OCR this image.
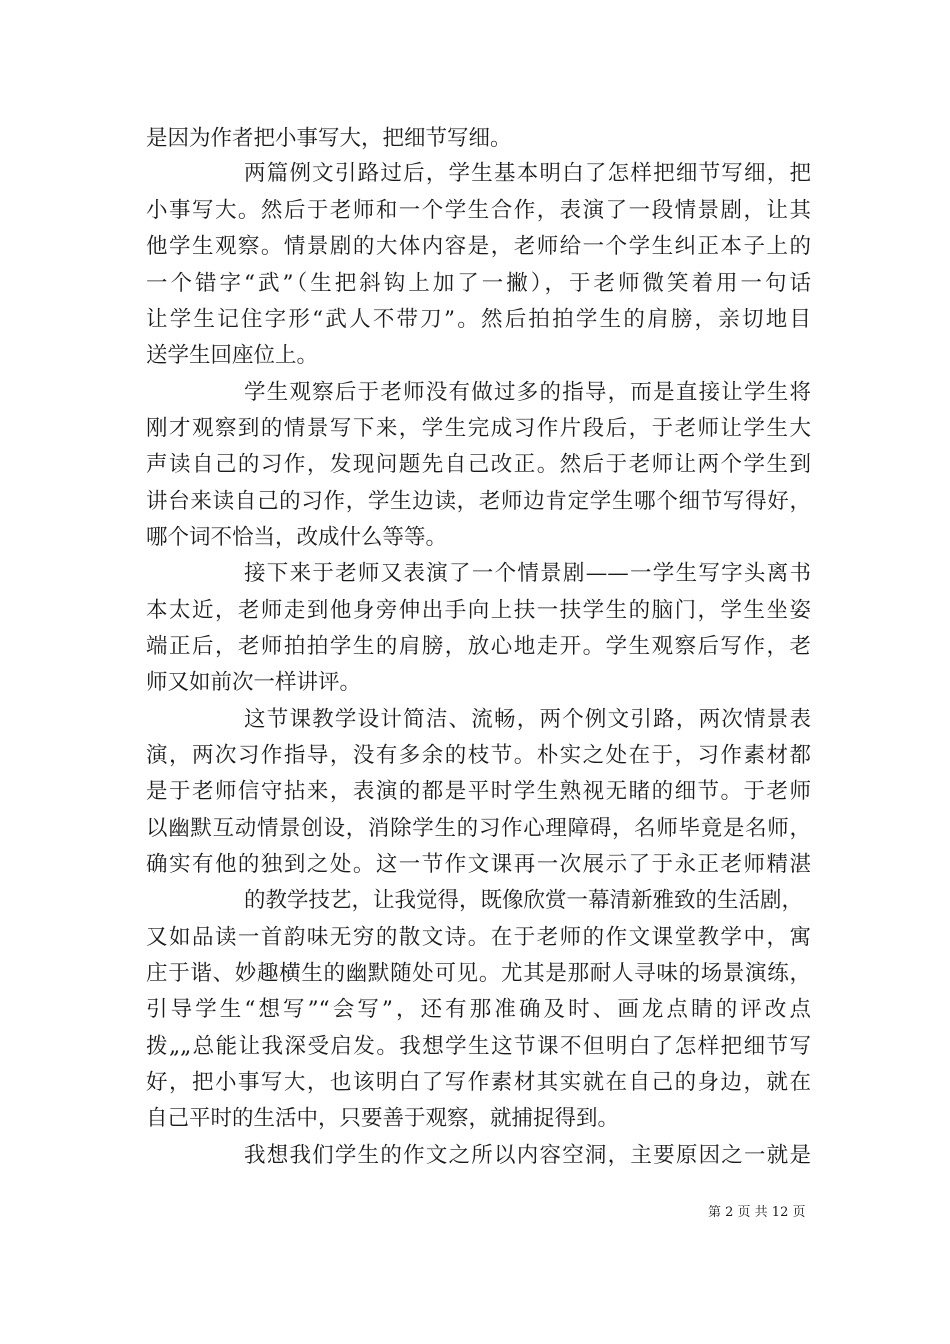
是因为作者把小事写大，把细节写细。
两篇例文引路过后，学生基本明白了怎样把细节写细，把
小事写大。然后于老师和一个学生合作，表演了一段情景剧，让其
他学生观察。情景剧的大体内容是，老师给一个学生纠正本子上的
一个错字“武”（生把斜钩上加了一撇），于老师微笑着用一句话
让学生记住字形“武人不带刀”。然后拍拍学生的肩膀，亲切地目
送学生回座位上。
学生观察后于老师没有做过多的指导，而是直接让学生将
刚才观察到的情景写下来，学生完成习作片段后，于老师让学生大
声读自己的习作，发现问题先自己改正。然后于老师让两个学生到
讲台来读自己的习作，学生边读，老师边肯定学生哪个细节写得好，
哪个词不恰当，改成什么等等。
接下来于老师又表演了一个情景剧——一学生写字头离书
本太近，老师走到他身旁伸出手向上扶一扶学生的脑门，学生坐姿
端正后，老师拍拍学生的肩膀，放心地走开。学生观察后写作，老
师又如前次一样讲评。
这节课教学设计简洁、流畅，两个例文引路，两次情景表
演，两次习作指导，没有多余的枝节。朴实之处在于，习作素材都
是于老师信守拈来，表演的都是平时学生熟视无睹的细节。于老师
以幽默互动情景创设，消除学生的习作心理障碍，名师毕竟是名师，
确实有他的独到之处。这一节作文课再一次展示了于永正老师精湛
的教学技艺，让我觉得，既像欣赏一幕清新雅致的生活剧，
又如品读一首韵味无穷的散文诗。在于老师的作文课堂教学中，寓
庄于谐、妙趣横生的幽默随处可见。尤其是那耐人寻味的场景演练，
引导学生“想写”“会写”，还有那准确及时、画龙点睛的评改点
拨„„总能让我深受启发。我想学生这节课不但明白了怎样把细节写
好，把小事写大，也该明白了写作素材其实就在自己的身边，就在
自己平时的生活中，只要善于观察，就捕捉得到。
我想我们学生的作文之所以内容空洞，主要原因之一就是
第 2 页 共 12 页
